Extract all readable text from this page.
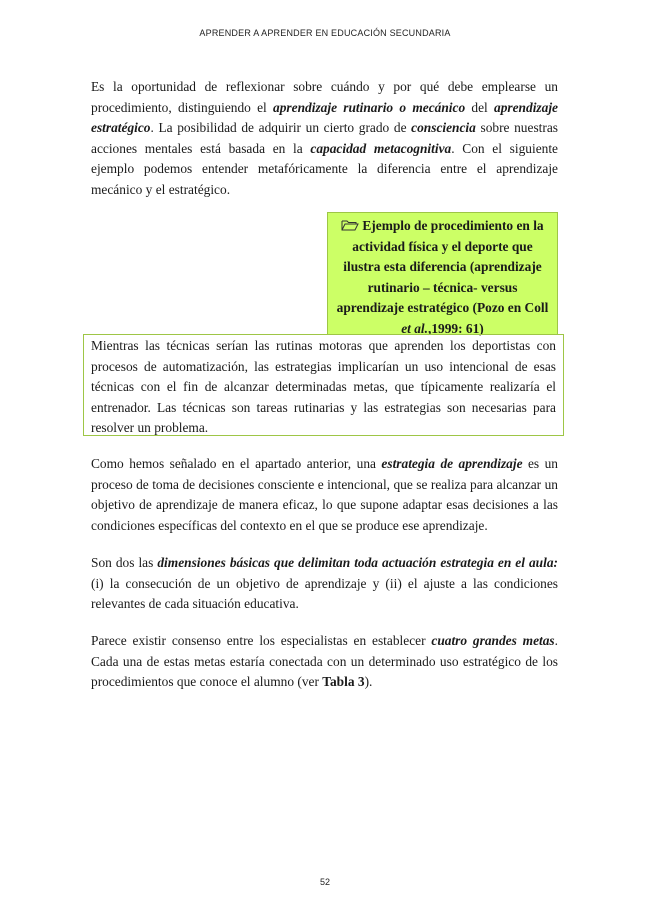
APRENDER A APRENDER EN EDUCACIÓN SECUNDARIA

Es la oportunidad de reflexionar sobre cuándo y por qué debe emplearse un procedimiento, distinguiendo el aprendizaje rutinario o mecánico del aprendizaje estratégico. La posibilidad de adquirir un cierto grado de consciencia sobre nuestras acciones mentales está basada en la capacidad metacognitiva. Con el siguiente ejemplo podemos entender metafóricamente la diferencia entre el aprendizaje mecánico y el estratégico.

Ejemplo de procedimiento en la actividad física y el deporte que ilustra esta diferencia (aprendizaje rutinario – técnica- versus aprendizaje estratégico (Pozo en Coll et al.,1999: 61)
Mientras las técnicas serían las rutinas motoras que aprenden los deportistas con procesos de automatización, las estrategias implicarían un uso intencional de esas técnicas con el fin de alcanzar determinadas metas, que típicamente realizaría el entrenador. Las técnicas son tareas rutinarias y las estrategias son necesarias para resolver un problema.

Como hemos señalado en el apartado anterior, una estrategia de aprendizaje es un proceso de toma de decisiones consciente e intencional, que se realiza para alcanzar un objetivo de aprendizaje de manera eficaz, lo que supone adaptar esas decisiones a las condiciones específicas del contexto en el que se produce ese aprendizaje.

Son dos las dimensiones básicas que delimitan toda actuación estrategia en el aula: (i) la consecución de un objetivo de aprendizaje y (ii) el ajuste a las condiciones relevantes de cada situación educativa.

Parece existir consenso entre los especialistas en establecer cuatro grandes metas. Cada una de estas metas estaría conectada con un determinado uso estratégico de los procedimientos que conoce el alumno (ver Tabla 3).

52
